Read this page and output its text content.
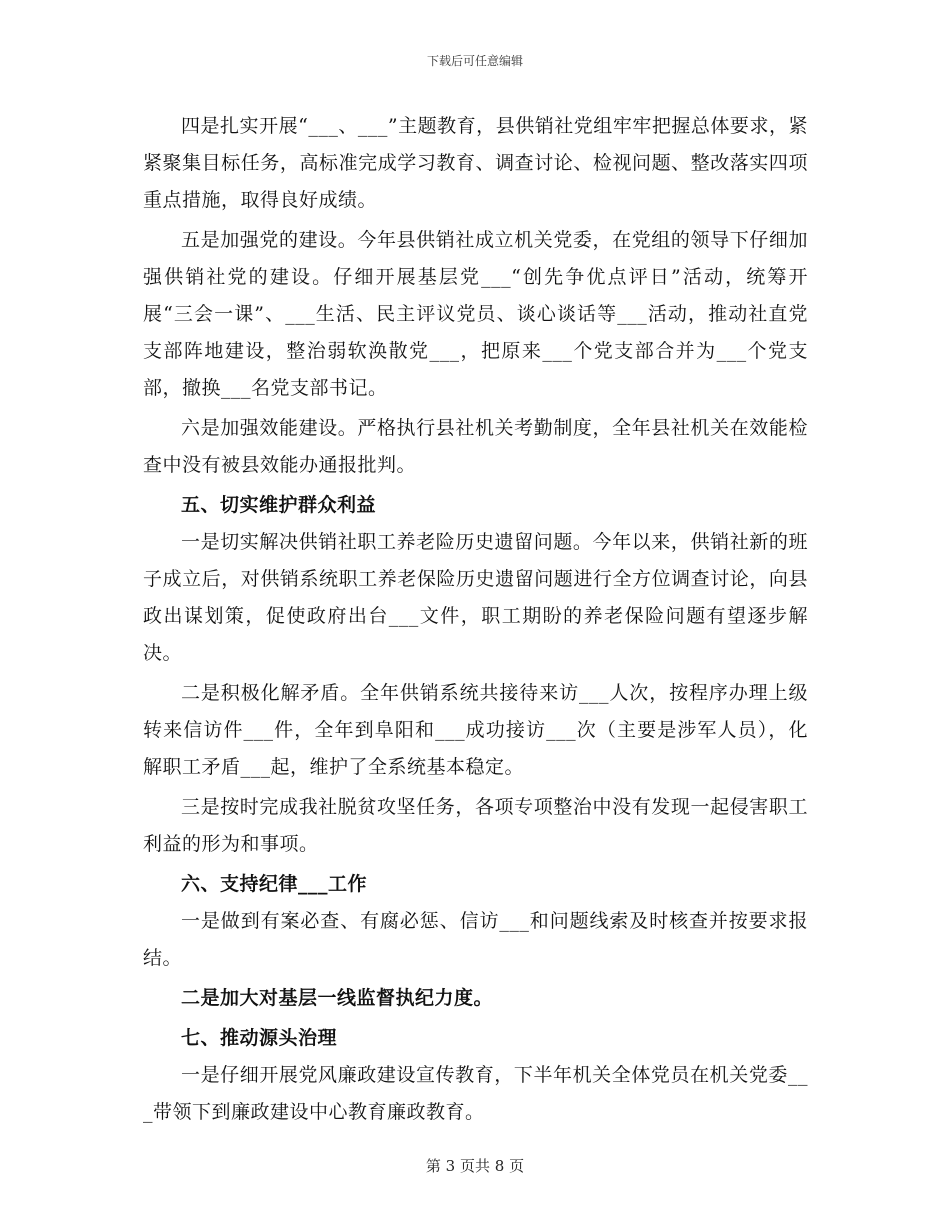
下载后可任意编辑

四是扎实开展“___、___”主题教育，县供销社党组牢牢把握总体要求，紧紧聚集目标任务，高标准完成学习教育、调查讨论、检视问题、整改落实四项重点措施，取得良好成绩。

五是加强党的建设。今年县供销社成立机关党委，在党组的领导下仔细加强供销社党的建设。仔细开展基层党___“创先争优点评日”活动，统筹开展“三会一课”、___生活、民主评议党员、谈心谈话等___活动，推动社直党支部阵地建设，整治弱软涣散党___，把原来___个党支部合并为___个党支部，撤换___名党支部书记。

六是加强效能建设。严格执行县社机关考勤制度，全年县社机关在效能检查中没有被县效能办通报批判。

五、切实维护群众利益

一是切实解决供销社职工养老险历史遗留问题。今年以来，供销社新的班子成立后，对供销系统职工养老保险历史遗留问题进行全方位调查讨论，向县政出谋划策，促使政府出台___文件，职工期盼的养老保险问题有望逐步解决。

二是积极化解矛盾。全年供销系统共接待来访___人次，按程序办理上级转来信访件___件，全年到阜阳和___成功接访___次（主要是涉军人员），化解职工矛盾___起，维护了全系统基本稳定。

三是按时完成我社脱贫攻坚任务，各项专项整治中没有发现一起侵害职工利益的形为和事项。

六、支持纪律___工作

一是做到有案必查、有腐必惩、信访___和问题线索及时核查并按要求报结。

二是加大对基层一线监督执纪力度。

七、推动源头治理

一是仔细开展党风廉政建设宣传教育，下半年机关全体党员在机关党委___带领下到廉政建设中心教育廉政教育。

第 3 页共 8 页
